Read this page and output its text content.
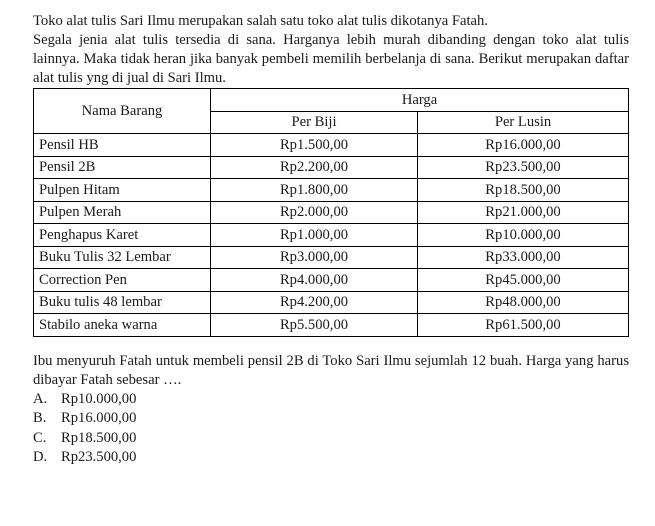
Toko alat tulis Sari Ilmu merupakan salah satu toko alat tulis dikotanya Fatah.

Segala jenia alat tulis tersedia di sana. Harganya lebih murah dibanding dengan toko alat tulis lainnya. Maka tidak heran jika banyak pembeli memilih berbelanja di sana. Berikut merupakan daftar alat tulis yng di jual di Sari Ilmu.

Nama Barang	Harga	
	Per Biji	Per Lusin
Pensil HB	Rp1.500,00	Rp16.000,00
Pensil 2B	Rp2.200,00	Rp23.500,00
Pulpen Hitam	Rp1.800,00	Rp18.500,00
Pulpen Merah	Rp2.000,00	Rp21.000,00
Penghapus Karet	Rp1.000,00	Rp10.000,00
Buku Tulis 32 Lembar	Rp3.000,00	Rp33.000,00
Correction Pen	Rp4.000,00	Rp45.000,00
Buku tulis 48 lembar	Rp4.200,00	Rp48.000,00
Stabilo aneka warna	Rp5.500,00	Rp61.500,00

Ibu menyuruh Fatah untuk membeli pensil 2B di Toko Sari Ilmu sejumlah 12 buah. Harga yang harus dibayar Fatah sebesar ….

A. Rp10.000,00
B.	Rp16.000,00
C.	Rp18.500,00
D. Rp23.500,00
